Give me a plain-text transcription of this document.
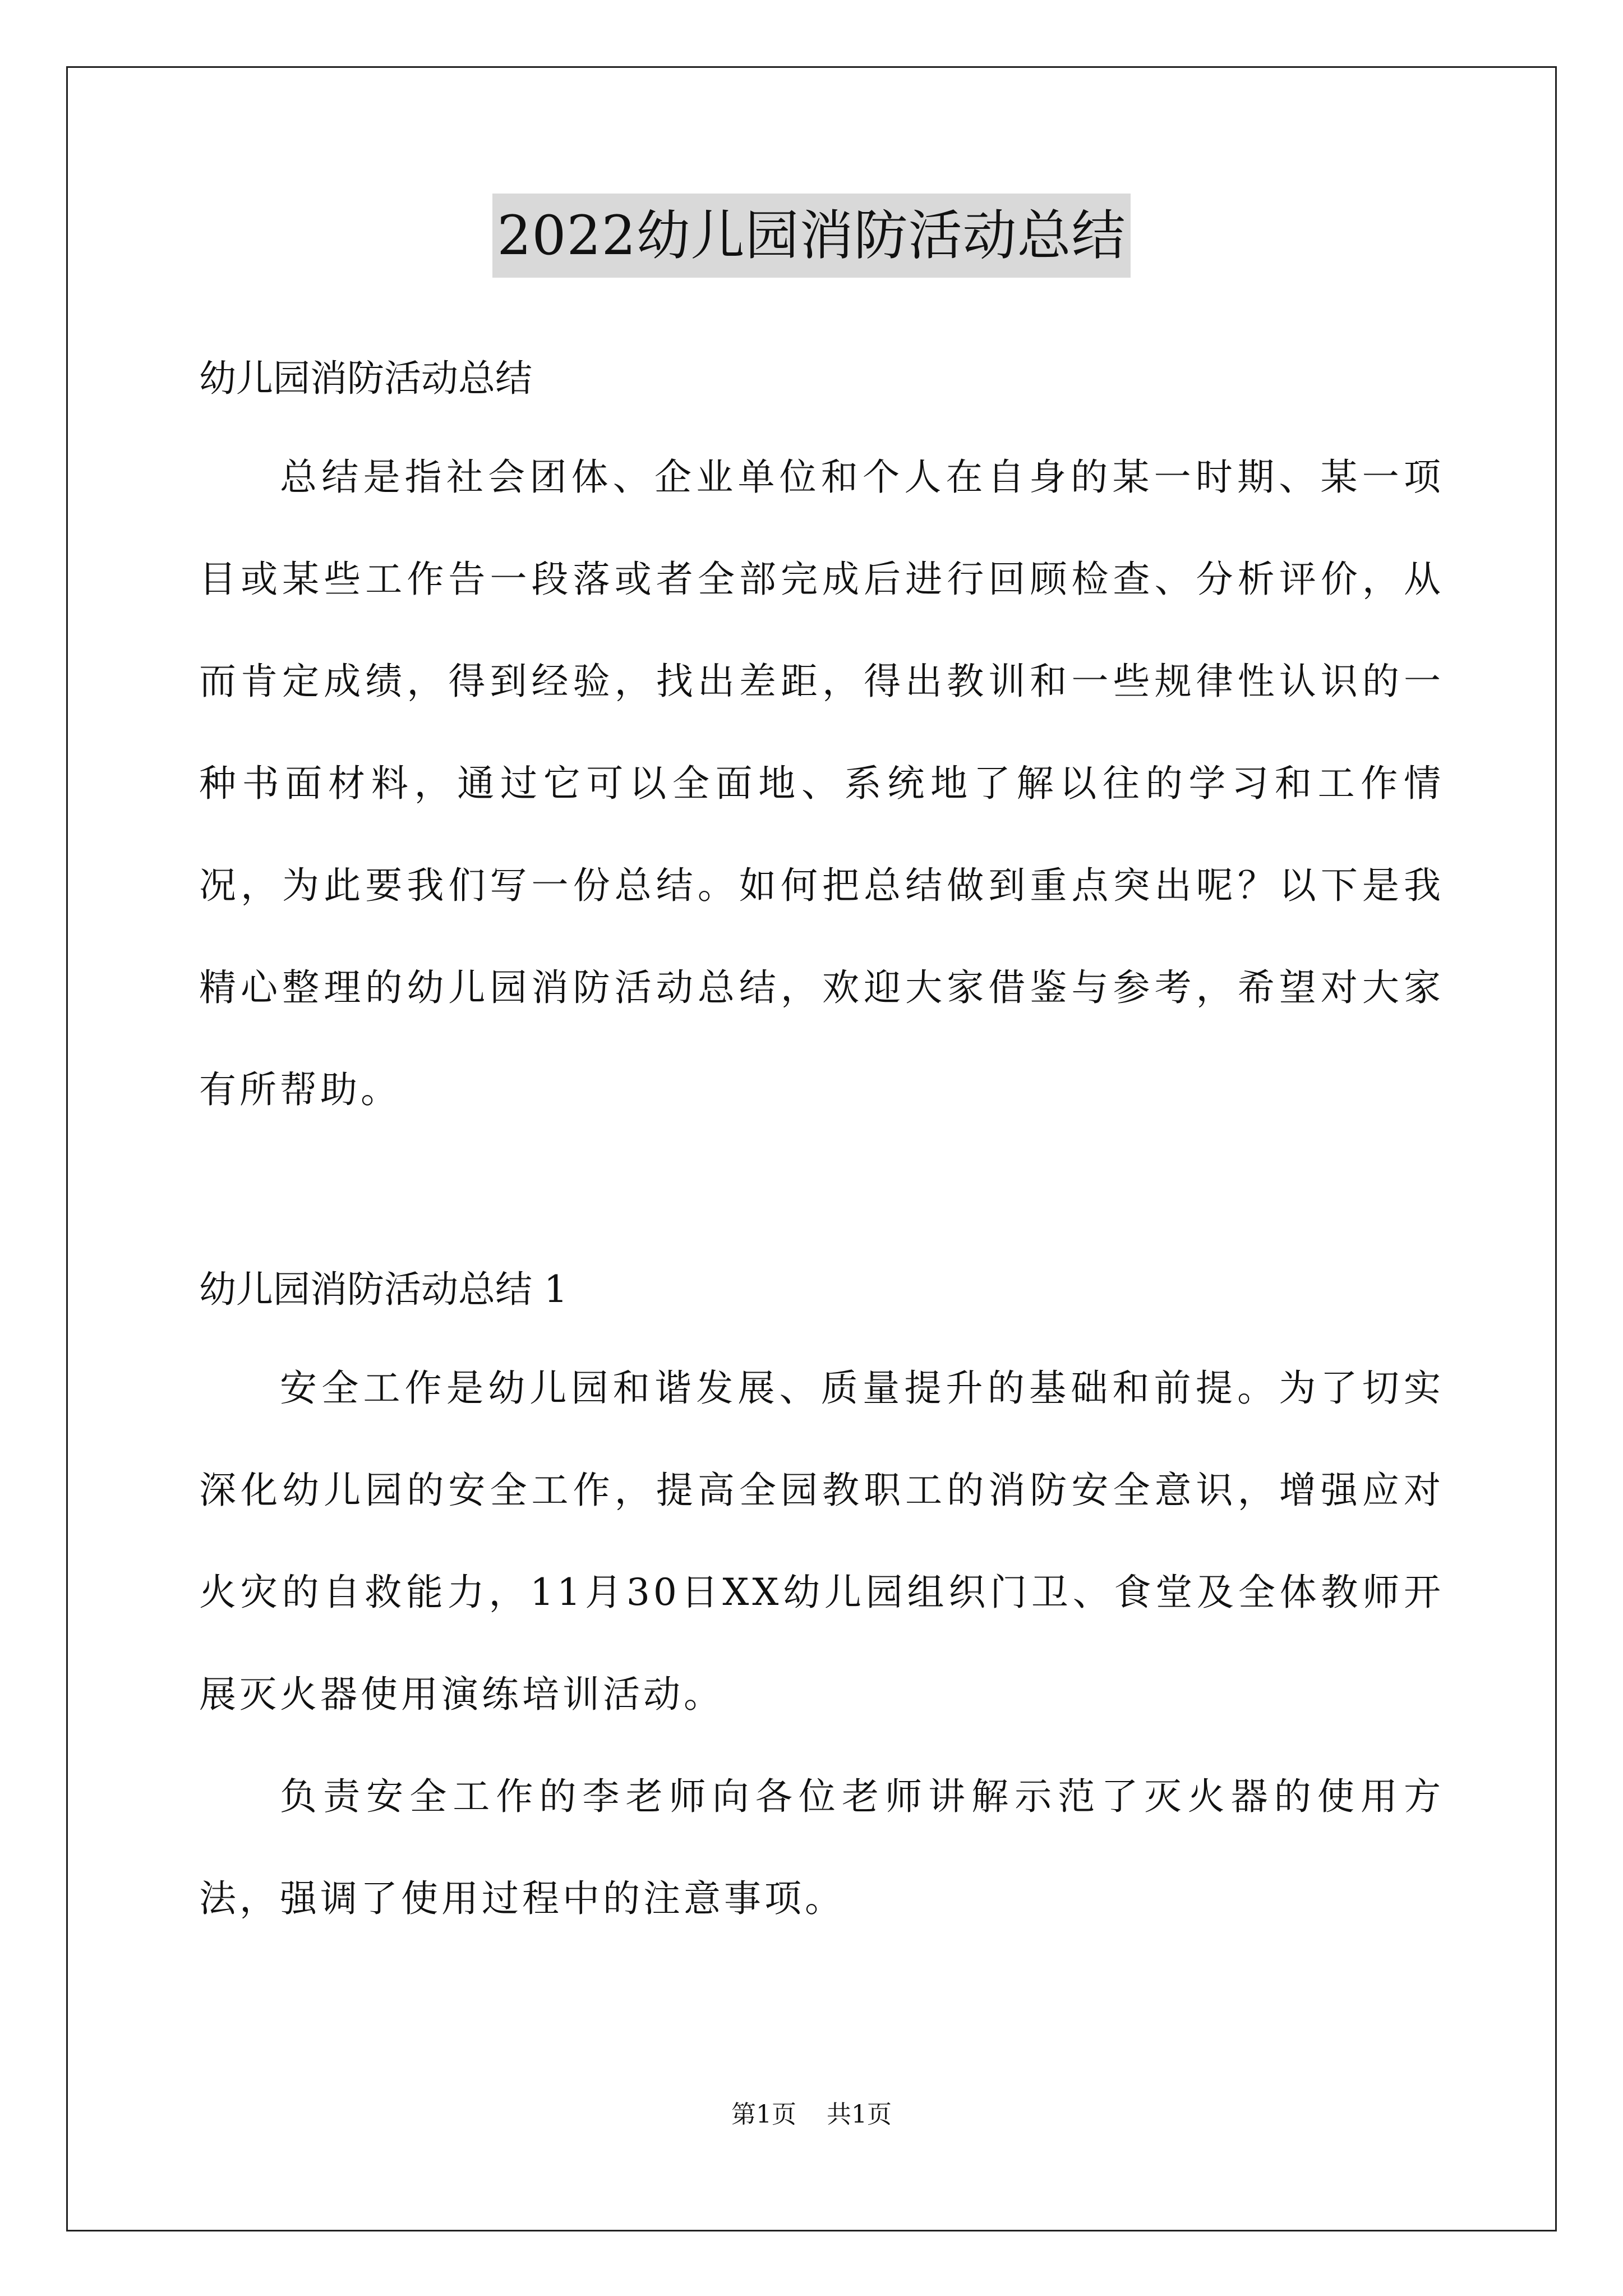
2022幼儿园消防活动总结

幼儿园消防活动总结

总结是指社会团体、企业单位和个人在自身的某一时期、某一项目或某些工作告一段落或者全部完成后进行回顾检查、分析评价，从而肯定成绩，得到经验，找出差距，得出教训和一些规律性认识的一种书面材料，通过它可以全面地、系统地了解以往的学习和工作情况，为此要我们写一份总结。如何把总结做到重点突出呢？以下是我精心整理的幼儿园消防活动总结，欢迎大家借鉴与参考，希望对大家有所帮助。

幼儿园消防活动总结 1

安全工作是幼儿园和谐发展、质量提升的基础和前提。为了切实深化幼儿园的安全工作，提高全园教职工的消防安全意识，增强应对火灾的自救能力，11月30日XX幼儿园组织门卫、食堂及全体教师开展灭火器使用演练培训活动。

负责安全工作的李老师向各位老师讲解示范了灭火器的使用方法，强调了使用过程中的注意事项。

第1页 共1页
